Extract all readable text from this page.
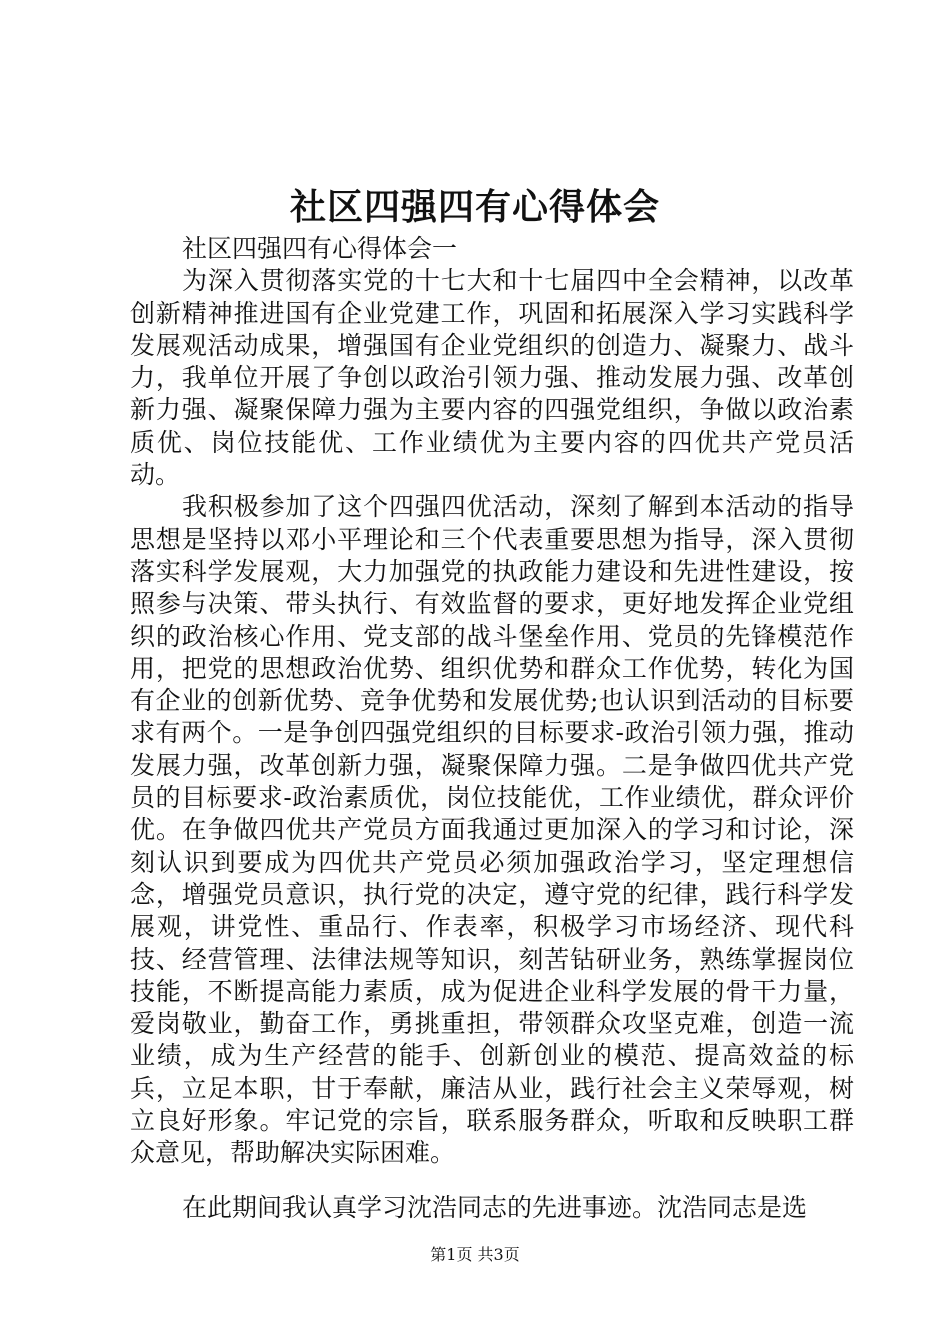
社区四强四有心得体会

社区四强四有心得体会一

为深入贯彻落实党的十七大和十七届四中全会精神，以改革创新精神推进国有企业党建工作，巩固和拓展深入学习实践科学发展观活动成果，增强国有企业党组织的创造力、凝聚力、战斗力，我单位开展了争创以政治引领力强、推动发展力强、改革创新力强、凝聚保障力强为主要内容的四强党组织，争做以政治素质优、岗位技能优、工作业绩优为主要内容的四优共产党员活动。

我积极参加了这个四强四优活动，深刻了解到本活动的指导思想是坚持以邓小平理论和三个代表重要思想为指导，深入贯彻落实科学发展观，大力加强党的执政能力建设和先进性建设，按照参与决策、带头执行、有效监督的要求，更好地发挥企业党组织的政治核心作用、党支部的战斗堡垒作用、党员的先锋模范作用，把党的思想政治优势、组织优势和群众工作优势，转化为国有企业的创新优势、竞争优势和发展优势;也认识到活动的目标要求有两个。一是争创四强党组织的目标要求-政治引领力强，推动发展力强，改革创新力强，凝聚保障力强。二是争做四优共产党员的目标要求-政治素质优，岗位技能优，工作业绩优，群众评价优。在争做四优共产党员方面我通过更加深入的学习和讨论，深刻认识到要成为四优共产党员必须加强政治学习，坚定理想信念，增强党员意识，执行党的决定，遵守党的纪律，践行科学发展观，讲党性、重品行、作表率，积极学习市场经济、现代科技、经营管理、法律法规等知识，刻苦钻研业务，熟练掌握岗位技能，不断提高能力素质，成为促进企业科学发展的骨干力量，爱岗敬业，勤奋工作，勇挑重担，带领群众攻坚克难，创造一流业绩，成为生产经营的能手、创新创业的模范、提高效益的标兵，立足本职，甘于奉献，廉洁从业，践行社会主义荣辱观，树立良好形象。牢记党的宗旨，联系服务群众，听取和反映职工群众意见，帮助解决实际困难。

在此期间我认真学习沈浩同志的先进事迹。沈浩同志是选

第1页 共3页
